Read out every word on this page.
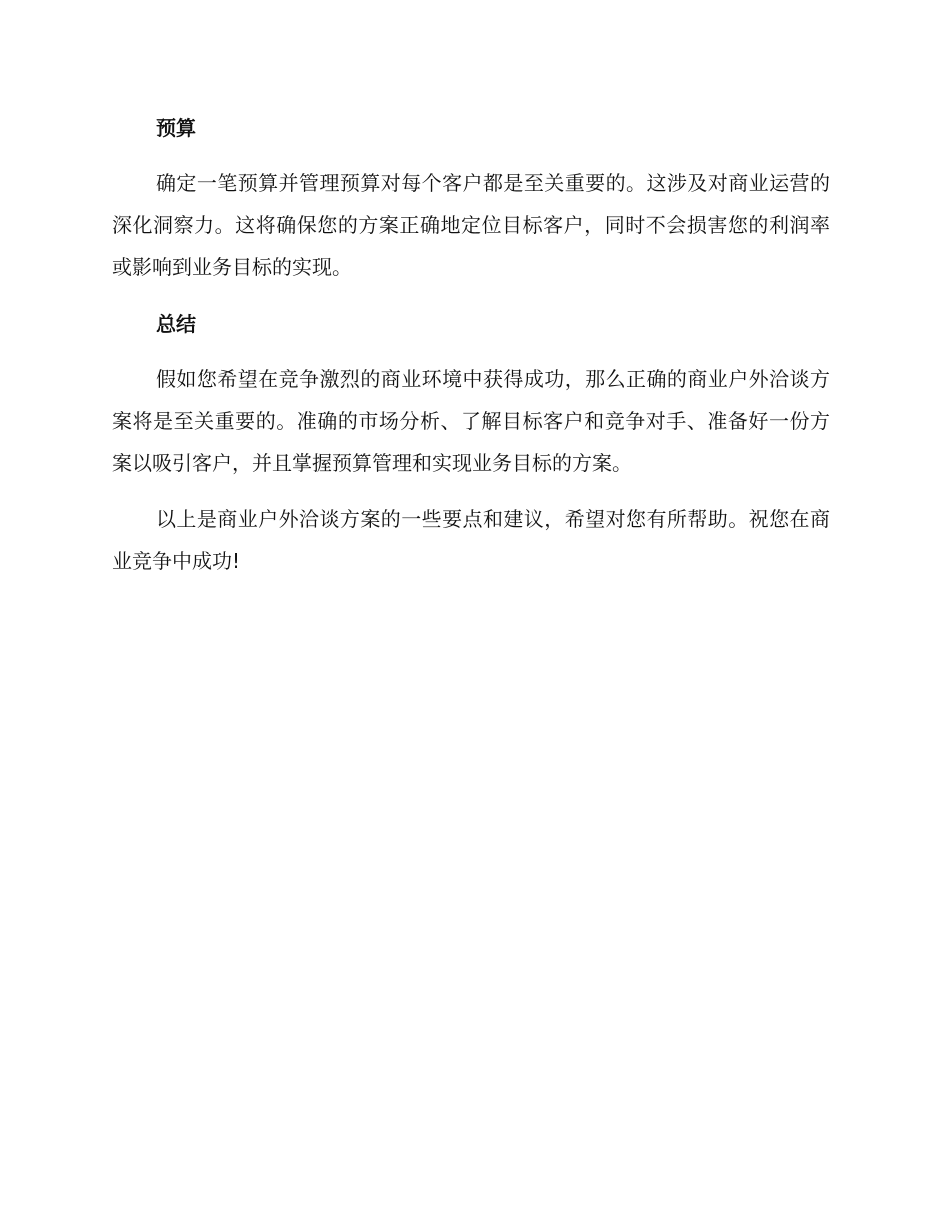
预算

确定一笔预算并管理预算对每个客户都是至关重要的。这涉及对商业运营的深化洞察力。这将确保您的方案正确地定位目标客户，同时不会损害您的利润率或影响到业务目标的实现。

总结

假如您希望在竞争激烈的商业环境中获得成功，那么正确的商业户外洽谈方案将是至关重要的。准确的市场分析、了解目标客户和竞争对手、准备好一份方案以吸引客户，并且掌握预算管理和实现业务目标的方案。

以上是商业户外洽谈方案的一些要点和建议，希望对您有所帮助。祝您在商业竞争中成功!
